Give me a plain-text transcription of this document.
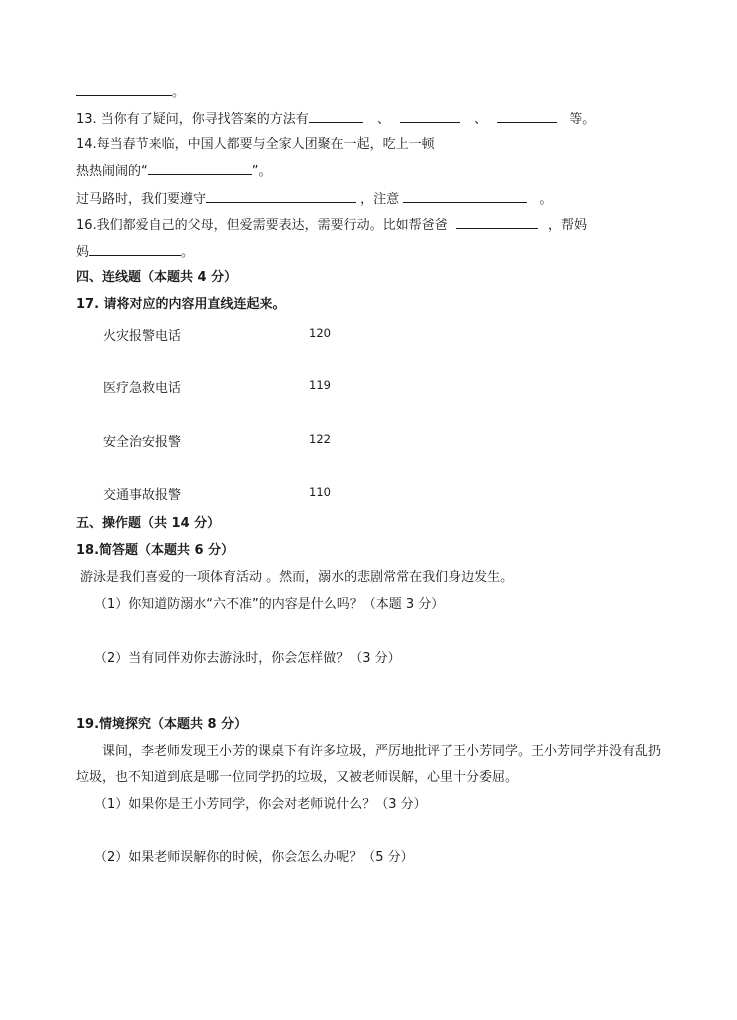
。
13. 当你有了疑问，你寻找答案的方法有	、	、	等。
14.每当春节来临，中国人都要与全家人团聚在一起，吃上一顿
热热闹闹的“	”。
过马路时，我们要遵守	，注意	。
16.我们都爱自己的父母，但爱需要表达，需要行动。比如帮爸爸	，帮妈
妈	。
四、连线题（本题共 4 分）
17. 请将对应的内容用直线连起来。
火灾报警电话	120
医疗急救电话	119
安全治安报警	122
交通事故报警	110
五、操作题（共 14 分）
18.简答题（本题共 6 分）
游泳是我们喜爱的一项体育活动 。然而，溺水的悲剧常常在我们身边发生。
（1）你知道防溺水“六不准”的内容是什么吗？（本题 3 分）
（2）当有同伴劝你去游泳时，你会怎样做？（3 分）
19.情境探究（本题共 8 分）
课间，李老师发现王小芳的课桌下有许多垃圾，严厉地批评了王小芳同学。王小芳同学并没有乱扔垃圾，也不知道到底是哪一位同学扔的垃圾，又被老师误解，心里十分委屈。
（1）如果你是王小芳同学，你会对老师说什么？（3 分）
（2）如果老师误解你的时候，你会怎么办呢？（5 分）
